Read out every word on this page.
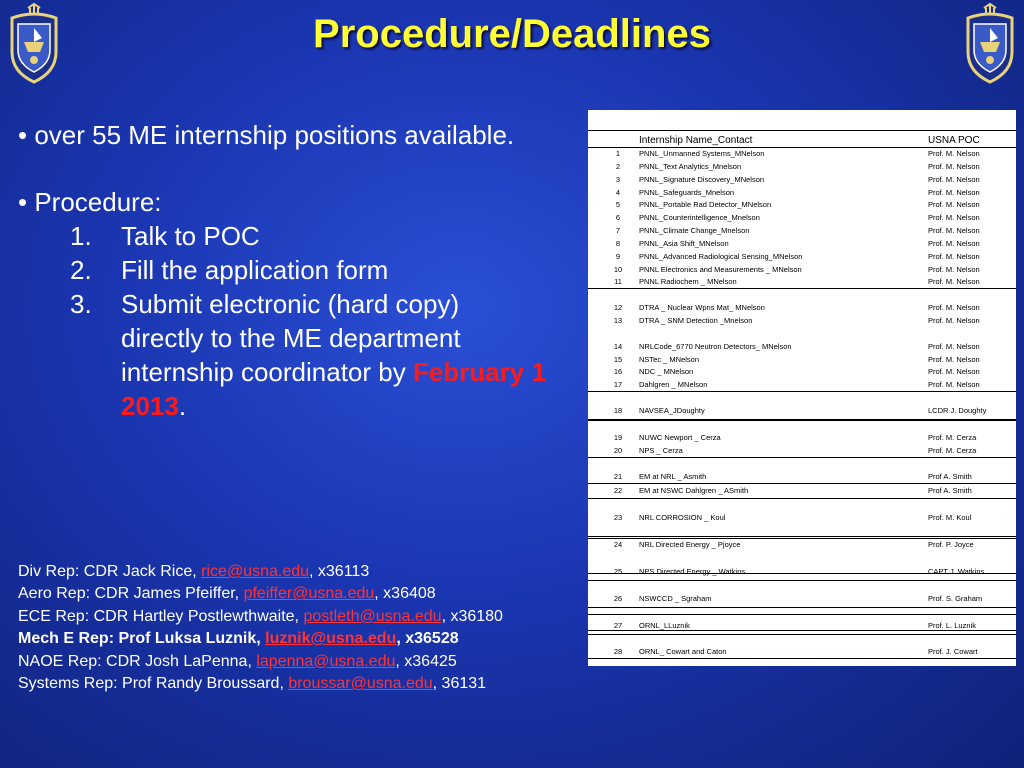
Procedure/Deadlines

• over 55 ME internship positions available.

• Procedure:

1.	Talk to POC
2.	Fill the application form
3.	Submit electronic (hard copy)
directly to the ME department
internship coordinator by February 1
2013.
Div Rep: CDR Jack Rice, rice@usna.edu, x36113
Aero Rep: CDR James Pfeiffer, pfeiffer@usna.edu, x36408
ECE Rep: CDR Hartley Postlewthwaite, postleth@usna.edu, x36180
Mech E Rep: Prof Luksa Luznik, luznik@usna.edu, x36528
NAOE Rep: CDR Josh LaPenna, lapenna@usna.edu, x36425
Systems Rep: Prof Randy Broussard, broussar@usna.edu, 36131
Internship Name_Contact	USNA POC
1	PNNL_Unmanned Systems_MNelson	Prof. M. Nelson
2	PNNL_Text Analytics_Mnelson	Prof. M. Nelson
3	PNNL_Signature Discovery_MNelson	Prof. M. Nelson
4	PNNL_Safeguards_Mnelson	Prof. M. Nelson
5	PNNL_Portable Rad Detector_MNelson	Prof. M. Nelson
6	PNNL_Counterintelligence_Mnelson	Prof. M. Nelson
7	PNNL_Climate Change_Mnelson	Prof. M. Nelson
8	PNNL_Asia Shift_MNelson	Prof. M. Nelson
9	PNNL_Advanced Radiological Sensing_MNelson	Prof. M. Nelson
10	PNNL Electronics and Measurements _ MNelson	Prof. M. Nelson
11	PNNL Radiochem _ MNelson	Prof. M. Nelson
12	DTRA _ Nuclear Wpns Mat_ MNelson	Prof. M. Nelson
13	DTRA _ SNM Detection _Mnelson	Prof. M. Nelson
14	NRLCode_6770 Neutron Detectors_ MNelson	Prof. M. Nelson
15	NSTec _ MNelson	Prof. M. Nelson
16	NDC _ MNelson	Prof. M. Nelson
17	Dahlgren _ MNelson	Prof. M. Nelson
18	NAVSEA_JDoughty	LCDR J. Doughty
19	NUWC Newport _ Cerza	Prof. M. Cerza
20	NPS _ Cerza	Prof. M. Cerza
21	EM at NRL _ Asmith	Prof A. Smith
22	EM at NSWC Dahlgren _ ASmith	Prof A. Smith
23	NRL CORROSION _ Koul	Prof. M. Koul
24	NRL Directed Energy _ Pjoyce	Prof. P. Joyce
25	NPS Directed Energy _ Watkins	CAPT J. Watkins
26	NSWCCD _ Sgraham	Prof. S. Graham
27	ORNL_LLuznik	Prof. L. Luznik
28	ORNL_ Cowart and Caton	Prof. J. Cowart
